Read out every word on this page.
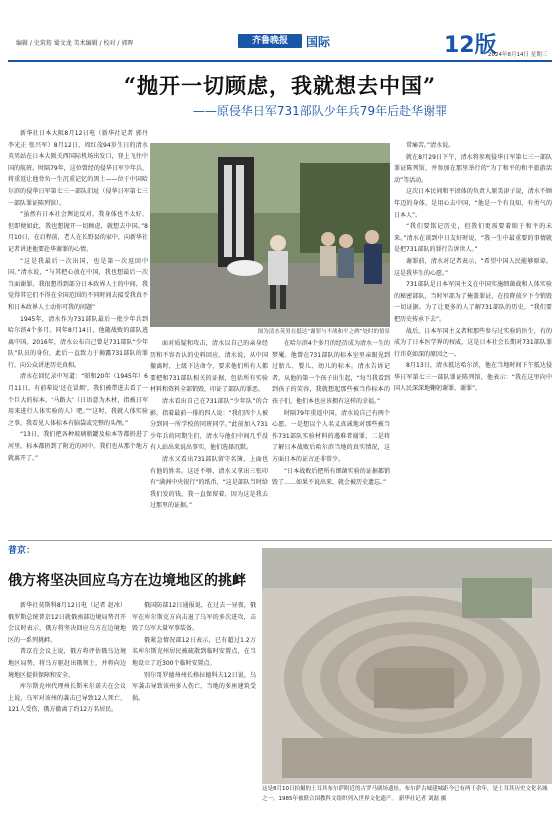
编辑 / 史筑筠 蜀文龙 美术编辑 / 校对 / 郭晖	齐鲁晚报	国际	12版
2024年8月14日 星期三
“抛开一切顾虑，我就想去中国”
——原侵华日军731部队少年兵79年后赴华谢罪

新华社日本大阪8月12日电（新华社记者 郭丹 李光正 张兴军）8月12日，周红茂94岁生日的清水英男站在日本大阪关西国际机场出发口，登上飞往中国的航班。时隔79年，这位曾经的侵华日军少年兵，将重返让他背负一生沉重记忆的黑土——位于中国哈尔滨的侵华日军第七三一部队旧址（侵华日军第七三一部队罪证陈列馆）。

“虽然有日本社会舆论反对，我身体也不太好，但即便如此，我也想抛开一切顾虑，就想去中国。”8月10日，在启程前，老人在长野县的家中，向新华社记者讲述他要赴华谢罪的心情。

“这是我最后一次出国，也是第一次返回中国。”清水说，“与其把心放在中国，我也想最后一次当面谢罪。我很想得到部分日本政界人士的中间，我觉得其它们不得在全国范围的不同时间去接受我真不和日本政界人士动你可我的问题”

1945年，清水作为731部队最后一批少年兵到哈尔滨4个多月。同年8月14日，他随战败的部队逃离中国。2016年，清水公布自己曾是731部队“少年队”队员的身份，此后一直致力于揭露731部队的罪行，向公众讲述历史真相。

清水在回忆录中写道：“昭和20年（1945年）6月11日，有前辈说‘还在冒烟’，我们被带进去看了一个巨大的标本。‘马路大’（日语意为木材，指被日军用来进行人体实验的人）吧。”“这时，我就人体实验之事，我看见人体标本有脑袋或完整的头颅。”

“13日，我们把各种玻璃瓶罐及标本等都扔进了河里，标本都扔到了附近的河中。我们也从那个地方就离开了。”

图为清水英男在抵达“谢罪与不战和平之碑”处时的情景

面对质疑和攻击，清水以自己的亲身经历和不容否认的史料回应。清水说，从中国撤离时，上级下达命令，要求他们所有人都要把和731部队相关的证据，包括所有实验材料和资料全部销毁，印证了部队的罪恶。

清水看出自己在731部队“少年队”的合影，指着最前一排的四人说：“我们四个人被分到同一所学校的同班同学。”此前加入731少年兵的同期生们，清水与他们中间几乎没有人站出来说出事实，他们选择沉默。

清水又看出731部队留守名簿，上面也有他的姓名。这还不够，清水又拿出三张印有“满洲中央银行”的纸币，“这是部队当时给我们发的钱，我一直保留着，因为这是我去过那里的证据。”

在哈尔滨4个多月的经历成为清水一生的梦魇。他曾在731部队的标本室里亲眼见到过胎儿、婴儿、幼儿的标本。清水告诉记者，从他的第一个孩子出生起，“每当我看到到孩子的笑容，我就想起那些被当作标本的孩子们，他们本也应该拥有这样的幸福。”

时隔79年重返中国，清水说自己有两个心愿。一是想以个人名义真诚地对那些被当作731部队实验材料的遇难者谢罪，二是将了解日本战败后哈尔滨当地的真实情况，这方面日本的证言还非常少。

“日本战败后把所有细菌实验的证据都销毁了……如果不说出来，就会被历史遗忘。”

常痛苦。”清水说。

就在8月29日下午，清水将参观侵华日军第七三一部队罪证陈列馆，并参加在那里举行的“为了和平的和平旅游活动”等活动。

这次日本民间和平团体的负责人原美津子说，清水不顾年迈的身体，是用心去中国，“他是一个有良知、有勇气的日本人”。

“我们要铭记历史，但我们更需要着眼于和平的未来。”清水在谈到中日友好时说，“我一生中最重要的事情就是把731部队的罪行告诉世人。”

谢罪前，清水对记者表示，“希望中国人民能够原谅。这是我毕生的心愿。”

731部队是日本军国主义在中国实施细菌战和人体实验的秘密部队，当时军部为了掩盖罪证，在投降前夕下令销毁一切证据。为了让更多的人了解731部队的历史，“我们要把历史传承下去”。

战后，日本军国主义者和那些参与过实验的医生，有的成为了日本医学界的权威，这是日本社会长期对731部队罪行讳莫如深的原因之一。

8月13日，清水抵达哈尔滨，他在当地时间下午抵达侵华日军第七三一部队罪证陈列馆，他表示：“我在这里向中国人民深深地鞠躬谢罪，谢罪”。

普京：
俄方将坚决回应乌方在边境地区的挑衅

新华社莫斯科8月12日电（记者 赵冰）俄罗斯总统普京12日就俄南部边境局势召开会议时表示，俄方将坚决回应乌方在边境地区的一系列挑衅。

普京在会议上说，俄方将评估俄乌边境地区局势，将乌方驱赶出俄领土，并将向边境地区提供保障和安全。

库尔斯克州代理州长斯米尔诺夫在会议上说，乌军对该州的袭击已导致12人死亡、121人受伤，俄方撤离了约12万名居民。

俄国防部12日通报说，在过去一昼夜，俄军在库尔斯克方向击退了乌军的多次进攻，击毁了乌军大量军事装备。

俄紧急情况部12日表示，已有超过1.2万名库尔斯克州居民被疏散到临时安置点，在当地设立了近300个临时安置点。

别尔哥罗德州州长格拉德科夫12日说，乌军袭击导致该州多人伤亡，当地的多座建筑受损。

这是8月10日拍摄的土耳其布尔萨附近的古罗马剧场遗址。布尔萨古城建城距今已有两千余年，是土耳其历史文化名城之一，1985年被联合国教科文组织列入世界文化遗产。 新华社记者 刘磊 摄
